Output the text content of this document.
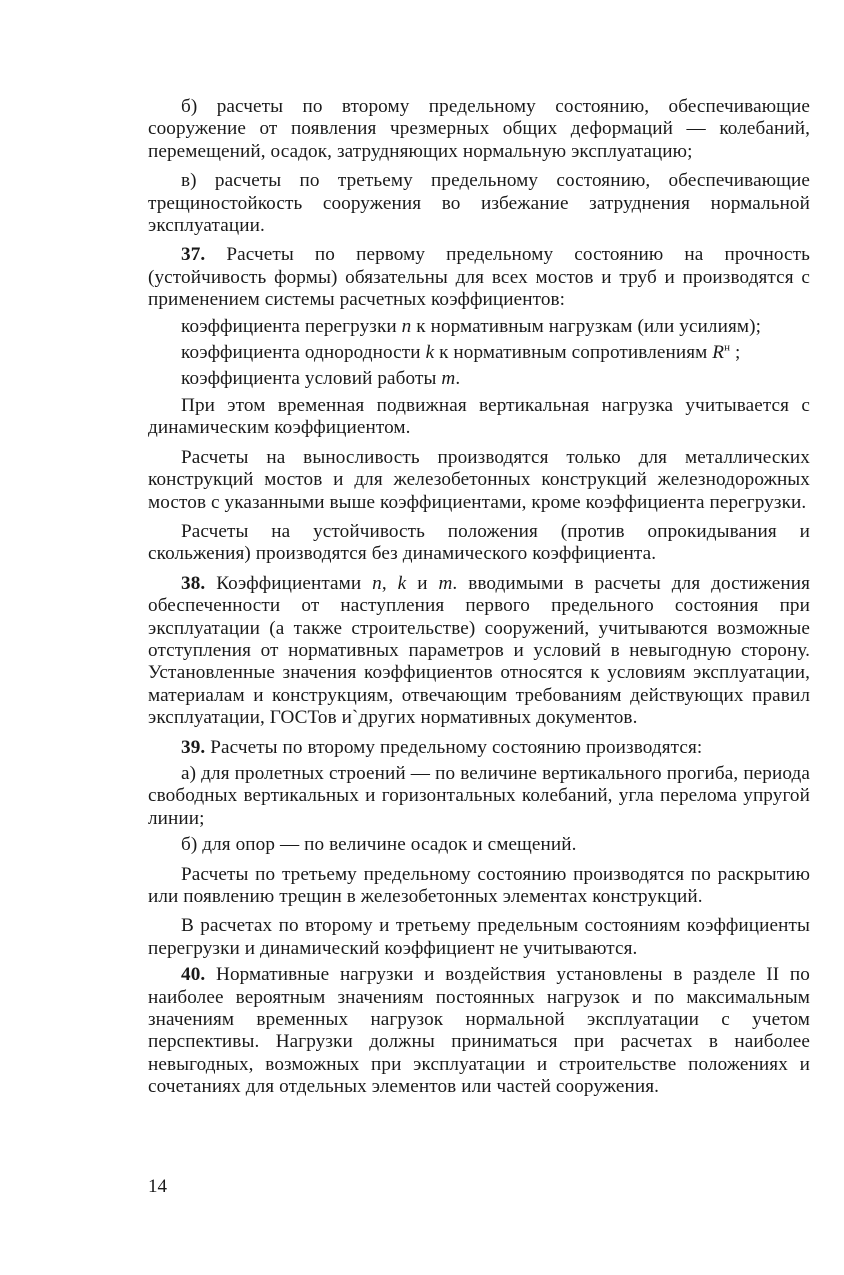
б) расчеты по второму предельному состоянию, обеспечивающие сооружение от появления чрезмерных общих деформаций — колебаний, перемещений, осадок, затрудняющих нормальную эксплуатацию;

в) расчеты по третьему предельному состоянию, обеспечивающие трещиностойкость сооружения во избежание затруднения нормальной эксплуатации.

37. Расчеты по первому предельному состоянию на прочность (устойчивость формы) обязательны для всех мостов и труб и производятся с применением системы расчетных коэффициентов:

коэффициента перегрузки n к нормативным нагрузкам (или усилиям);

коэффициента однородности k к нормативным сопротивлениям $R^н$ ;

коэффициента условий работы m.

При этом временная подвижная вертикальная нагрузка учитывается с динамическим коэффициентом.

Расчеты на выносливость производятся только для металлических конструкций мостов и для железобетонных конструкций железнодорожных мостов с указанными выше коэффициентами, кроме коэффициента перегрузки.

Расчеты на устойчивость положения (против опрокидывания и скольжения) производятся без динамического коэффициента.

38. Коэффициентами n, k и m. вводимыми в расчеты для достижения обеспеченности от наступления первого предельного состояния при эксплуатации (а также строительстве) сооружений, учитываются возможные отступления от нормативных параметров и условий в невыгодную сторону. Установленные значения коэффициентов относятся к условиям эксплуатации, материалам и конструкциям, отвечающим требованиям действующих правил эксплуатации, ГОСТов и`других нормативных документов.

39. Расчеты по второму предельному состоянию производятся:

а) для пролетных строений — по величине вертикального прогиба, периода свободных вертикальных и горизонтальных колебаний, угла перелома упругой линии;

б) для опор — по величине осадок и смещений.

Расчеты по третьему предельному состоянию производятся по раскрытию или появлению трещин в железобетонных элементах конструкций.

В расчетах по второму и третьему предельным состояниям коэффициенты перегрузки и динамический коэффициент не учитываются.

40. Нормативные нагрузки и воздействия установлены в разделе II по наиболее вероятным значениям постоянных нагрузок и по максимальным значениям временных нагрузок нормальной эксплуатации с учетом перспективы. Нагрузки должны приниматься при расчетах в наиболее невыгодных, возможных при эксплуатации и строительстве положениях и сочетаниях для отдельных элементов или частей сооружения.

14
